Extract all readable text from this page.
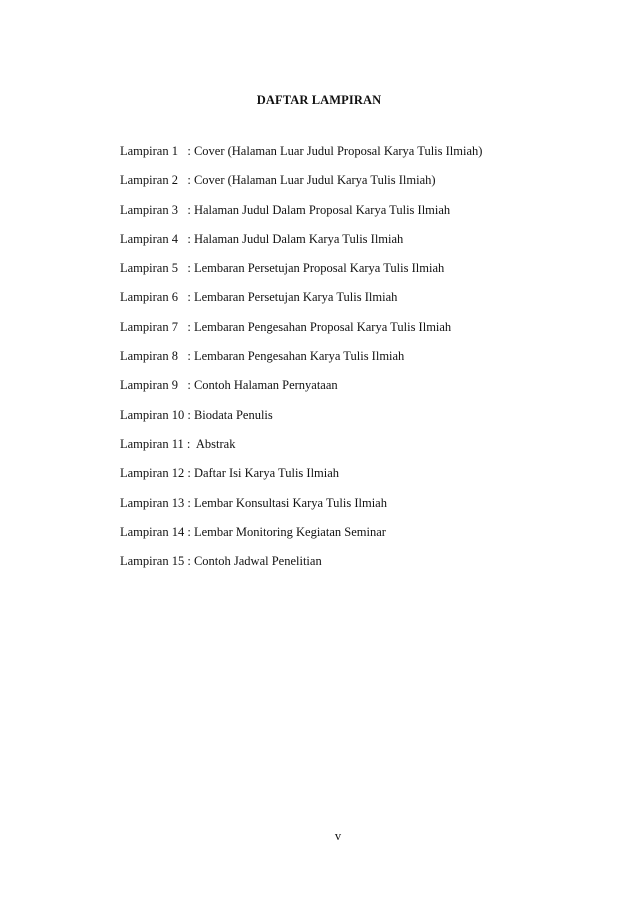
DAFTAR LAMPIRAN
Lampiran 1   : Cover (Halaman Luar Judul Proposal Karya Tulis Ilmiah)
Lampiran 2   : Cover (Halaman Luar Judul Karya Tulis Ilmiah)
Lampiran 3   : Halaman Judul Dalam Proposal Karya Tulis Ilmiah
Lampiran 4   : Halaman Judul Dalam Karya Tulis Ilmiah
Lampiran 5   : Lembaran Persetujan Proposal Karya Tulis Ilmiah
Lampiran 6   : Lembaran Persetujan Karya Tulis Ilmiah
Lampiran 7   : Lembaran Pengesahan Proposal Karya Tulis Ilmiah
Lampiran 8   : Lembaran Pengesahan Karya Tulis Ilmiah
Lampiran 9   : Contoh Halaman Pernyataan
Lampiran 10 : Biodata Penulis
Lampiran 11 :  Abstrak
Lampiran 12 : Daftar Isi Karya Tulis Ilmiah
Lampiran 13 : Lembar Konsultasi Karya Tulis Ilmiah
Lampiran 14 : Lembar Monitoring Kegiatan Seminar
Lampiran 15 : Contoh Jadwal Penelitian
v
